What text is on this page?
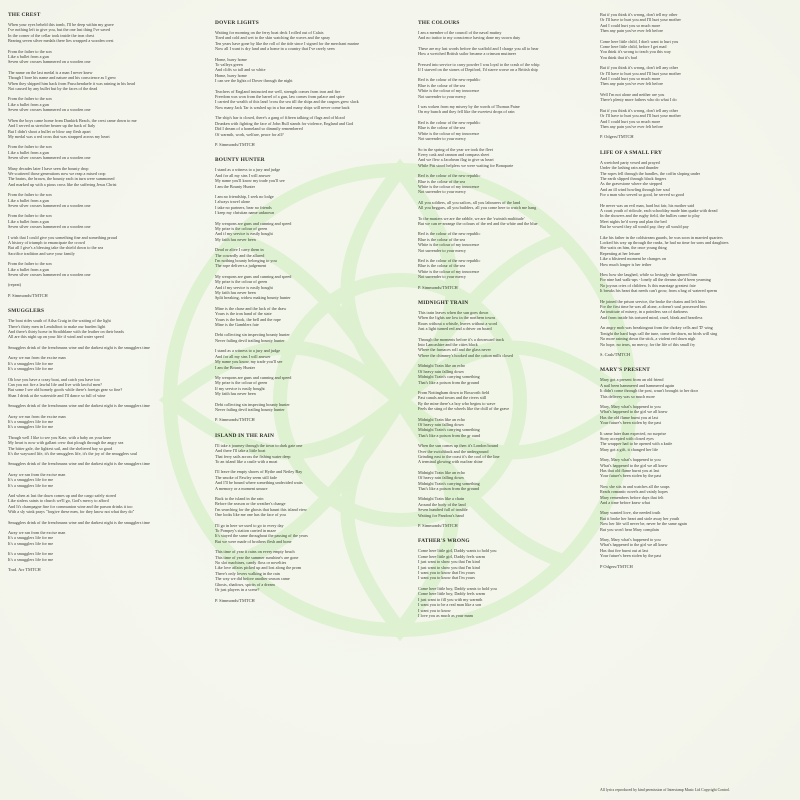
THE CREST
When your eyes beheld this tomb, I'll be deep within my grave
I've nothing left to give you, but the one last thing I've saved
In the corner of the cellar took inside the iron chest
Bearing seven silver medals there lies wrapped a wooden crest
From the father to the son
Like a bullet from a gun
Seven silver crosses hammered on a wooden one
The name on the last medal is a man I never knew
Though I bore his name and nature and his conscience as I grew
When they shipped him back from Passchendaele it was raining in his head
Not caused by any bullet but by the faces of the dead
From the father to the son
Like a bullet from a gun
Seven silver crosses hammered on a wooden one
When the boys came home from Dunkirk Beach, the crest came down to me
And I served as stretcher bearer up the back of Italy
But I didn't shoot a bullet or blow any flesh apart
My medal was a red cross that was strapped across my heart
From the father to the son
Like a bullet from a gun
Seven silver crosses hammered on a wooden one
Many decades later I have seen the bounty drop
We scattered those generations now we reap a mixed crop
The brains, the brawn, the bounty each in turn were summoned
And marked up with a pious cross like the suffering Jesus Christ
From the father to the son
Like a bullet from a gun
Seven silver crosses hammered on a wooden one
From the father to the son
Like a bullet from a gun
Seven silver crosses hammered on a wooden one
I wish that I could give you something fine and something proud
A history of triumph to emancipate the crowd
But all I give's a blessing take the shield down to the sea
Sacrifice tradition and save your family
From the father to the son
Like a bullet from a gun
Seven silver crosses hammered on a wooden one
(repeat)
P. Simmonds/TMTCH
SMUGGLERS
The boat rides south of Ailsa Craig in the waiting of the light
There's thirty men in Lendalfoot to make our burden light
And there's thirty horse in Strathblane with the leather on their heads
All are this night up on your life if wind and water speed
Smugglers drink of the frenchmans wine and the darkest night is the smugglers time
Away we run from the excise man
It's a smugglers life for me
It's a smugglers life for me
Oh lose you have a crazy boat, and catch you have too
Can you not fire a lawful life and live with lawful men?
But some I see old homely goods while there's foreign gear so fine?
Shan I drink at the waterside and I'll dance so full of wine
Smugglers drink of the frenchmans wine and the darkest night is the smugglers time
Away we run from the excise man
It's a smugglers life for me
It's a smugglers life for me
Though well I like to see you Kate, with a baby on your knee
My heart is now with gallant crew that plough through the angry sea
The bitter gale, the lightest sail, and the sheltered bay so good
It's the wayward life, it's the smugglers life, it's the joy of the smugglers soul
Smugglers drink of the frenchmans wine and the darkest night is the smugglers time
Away we ran from the excise man
It's a smugglers life for me
It's a smugglers life for me
And when at last the dawn comes up and the cargo safely stored
Like sinless saints to church we'll go, God's mercy to afford
And It's champagne fine for communion wine and the parson drinks it too
With a sly wink prays "forgive these men, for they know not what they do"
Smugglers drink of the frenchmans wine and the darkest night is the smugglers time
Away we ran from the excise man
It's a smugglers life for me
It's a smugglers life for me
It's a smugglers life for me
It's a smugglers life for me
Trad. Arr TMTCH
DOVER LIGHTS
Waiting for morning on the ferry boat deck I rolled out of Calais
Tired and cold and wet to the skin watching the waves and the spray
Ten years have gone by like the roll of the tide since I signed for the merchant marine
Now all I want is dry land and a home in a country that I've rarely seen
Home, hurry home
To valleys green
And cliffs so tall and so white
Home, hurry home
I can see the lights of Dover through the night
Teachers of England instructed me well, strength comes from iron and fire
Freedom was won from the barrel of a gun, law comes from palace and spire
I carried the wealth of this land 'cross the sea till the ships and the cargoes grew slack
Now many Jack Tar is washed up in a bar and many ships will never come back
The ship's bar is closed, there's a gang of fifteen talking of flags and of blood
Drunken with fighting the face of John Bull stands for violence, England and God
Did I dream of a homeland so dimmily remembered
Of warmth, work, welfare, peace for all?
P. Simmonds/TMTCH
BOUNTY HUNTER
I stand as a witness to a jury and judge
And for all my sins I will answer
My name you'll know my trade you'll see
I am the Bounty Hunter
I am no friendship, I seek no lodge
I always travel alone
I take no partners, bear no friends
I keep my christian name unknown
My weapons are guns and cunning and speed
My prize is the colour of green
And if my service is easily bought
My faith has never been
Dead or alive I carry them in
The cowardly and the allured
I'm nothing bounty belonging to you
The rope delivers a judgement
My weapons are guns and cunning and speed
My prize is the colour of green
And if my service is easily bought
My faith has never been
Split breaking, widow making bounty hunter
Mine is the chase and the luck of the draw
Yours is the iron hand of the state
Yours is the book, the bell and the rope
Mine is the Gamblers fate
Debt collecting sin inspecting bounty hunter
Never failing devil trailing bounty hunter
I stand as a witness to a jury and judge
And for all my sins I will answer
My name you know, my trade you'll see
I am the Bounty Hunter
My weapons are guns and cunning and speed
My prize is the colour of green
If my service is easily bought
My faith has never been
Debt collecting sin inspecting bounty hunter
Never failing devil trailing bounty hunter
P. Simmonds/TMTCH
ISLAND IN THE RAIN
I'll take a journey through the town to dark gate one
And there I'll take a little boat
That ferry sails across the fishing water deep
To an island like a castle with a moat
I'll leave the empty shores of Hythe and Netley Bay
The smoke of Fawley seem still fade
And I'll be bound where something undecided waits
A memory or a moment unsure
Back to the island in the rain
Before the season or the weather's change
I'm searching for the ghosts that haunt this island view
One looks like me one has the face of you
I'll go in here we used to go to every day
To Pompey's station carried in maze
It's stayed the same throughout the passing of the years
But we were made of brothers flesh and bone
This time of year it rains on every empty beach
This time of year the summer sunshine's are gone
No slot machines, candy floss or novelties
Like love affairs picked up and lost along the prom
There's only lovers walking in the rain
The way we did before another season came
Ghosts, shadows, spirits of a dream
Or just players in a scene?
P. Simmonds/TMTCH
THE COLOURS
I am a member of the council of the naval mutiny
And no traitor to my conscience having done my sworn duty
These are my last words before the scaffold and I charge you all to hear
How a wretched British sailor became a crimson mutineer
Pressed into service to carry powder I was loyal to the crash of the whip
If I starved on the stones of Deptford, I'd starve worse on a British ship
Red is the colour of the new republic
Blue is the colour of the sea
White is the colour of my innocence
Not surrender to your mercy
I was woken from my misery by the words of Thomas Paine
On my bunch and they fell like the sweetest drops of rain
Red is the colour of the new republic
Blue is the colour of the sea
White is the colour of my innocence
Not surrender to your mercy
So in the spring of the year we took the fleet
Every cask and cannon and compass sheet
And we flew a Jacobean flag to give us heart
While Pitt stood helpless we were waiting for Bonaparte
Red is the colour of the new republic
Blue is the colour of the sea
White is the colour of my innocence
Not surrender to your mercy
All you soldiers, all you sailors, all you labourers of the land
All you beggars, all you builders, all you come here to watch me hang
To the masters we are the rabble, we are the 'swinish multitude'
But we can re-arrange the colours of the red and the white and the blue
Red is the colour of the new republic
Blue is the colour of the sea
White is the colour of my innocence
Not surrender to your mercy
Red is the colour of the new republic
Blue is the colour of the sea
White is the colour of my innocence
Not surrender to your mercy
P. Simmonds/TMTCH
MIDNIGHT TRAIN
This train leaves when the sun goes down
When the lights are low in the northern towns
Roars without a whistle, leaves without a word
Just a light turned red and a driver on board
Through the moments before it's a downward track
Into Lancashire and the cities black
Where the furnaces roll and the glass never
Where the chimney's hooked and the cotton mills closed
Midnight Train like an echo
Of heavy rain falling down
Midnight Train's carrying something
That's like a poison from the ground
From Nottingham down to Bosworth field
Past canals and towns and the rivers still
By the mine there's a boy who begins to wave
Feels the sting of the wheels like the chill of the grave
Midnight Train like an echo
Of heavy rain falling down
Midnight Train's carrying something
That's like a poison from the gr ound
When the sun comes up then it's London bound
Over the switchback and the underground
Grinding east to the coast it's the cool of the line
A terminal glowing with nuclear shine
Midnight Train like an echo
Of heavy rain falling down
Midnight Train's carrying something
That's like a poison from the ground
Midnight Train like a chain
Around the body of the land
Seven hundred full of trouble
Waiting for Pandora's hand
P. Simmonds/TMTCH
FATHER'S WRONG
Come here little girl, Daddy wants to hold you
Come here little girl, Daddy feels warm
I just want to show you that I'm kind
I just want to show you that I'm kind
I want you to know that I'm yours
I want you to know that I'm yours
Come here little boy, Daddy wants to hold you
Come here little boy, Daddy feels warm
I just want to fill you with my warmth
I want you to be a real man like a son
I want you to know
I love you as much as your mam
But if you think it's wrong, don't tell my other
Or I'll have to hurt you and I'll hurt your mother
And I could hurt you so much more
Then any pain you've ever felt before
Come here little child, I don't want to hurt you
Come here little child, before I get mad
You think it's wrong to teach you this way
You think that it's bad
But if you think it's wrong, don't tell any other
Or I'll have to hurt you and I'll hurt your mother
And I could hurt you so much more
Then any pain you've ever felt before
Well I'm not alone and neither are you
There's plenty more fathers who do what I do
But if you think it's wrong, don't tell any other
Or I'll have to hurt you and I'll hurt your mother
And I could hurt you so much more
Then any pain you've ever felt before
P. Odgers/TMTCH
LIFE OF A SMALL FRY
A wretched party vexed and prayed
Under the lashing rain and thunder
The ropes fell through the handles, the coffin sloping under
The earth slipped through black fingers
As the gravestone where she stepped
And an ill wind howling through her soul
For a man who served so good, he served so good
He never was an evil man, hard but fair, his mother said
A coast youth of ridicule, each schoolday made him quake with dread
In the showers and the rugby field, the bullies came to play
Meet nights he'd weep and plan the bed
But he vowed they all would pay, they all would pay
Like his father in the coldstream guards, he was soon in married quarters
Locked his way up through the ranks, he had no time for sons and daughters
She waits on him, the once young thing
Repenting at her leisure
Like a blistered moment he changes on
How much longer is her tether
How how she laughed, while so lovingly she ignored him
For nine bad walk-ups - lonely all the dreams she'd been yearning
No joyous cries of children. Is this marriage greatest fate
It breaks his heart that needs can't grow, from a bag of watered sperm
He joined the prison service, the broke the chains and left him
For the first time he was all alone, a doesn't soul possessed him
An institute of misery, in a pointless sea of darkness
And from inside his tortured mind, cruel, bleak and heartless
An angry mob was breakingout from the chokey cells and 'D' wing
Tonight the hard bags call the tune, come the dawn, no birds will sing
No more raining down the stick, a violent red dawn nigh
No hope, no tears, no mercy, for the life of this small fry
S. Cash/TMTCH
MARY'S PRESENT
Mary got a present from an old friend
A nail been hammered and hammered again
It didn't come through the post, wasn't brought to her door
This delivery was so much more
Mary, Mary what's happened to you
What's happened to the girl we all knew
Has the old flame burnt you at last
Your future's been stolen by the past
It came later than expected, no surprise
Story accepted with closed eyes
The wrapper had to be opened with a knife
Mary got a gift, it changed her life
Mary, Mary what's happened to you
What's happened to the girl we all knew
Has that old flame burnt you at last
Your future's been stolen by the past
Now she sits in and watches all the soaps
Reads romantic novels and vainly hopes
Mary remembers before days that felt
And a time before knew what
Mary wanted love, she needed truth
But it broke her heart and stole away her youth
Now her life will never be, never be the same again
But you won't hear Mary complain
Mary, Mary what's happened to you
What's happened to the girl we all knew
Has that fire burnt out at last
Your future's been stolen by the past
P Odgers/TMTCH
All lyrics reproduced by kind permission of Interstamp Music Ltd Copyright Control.
